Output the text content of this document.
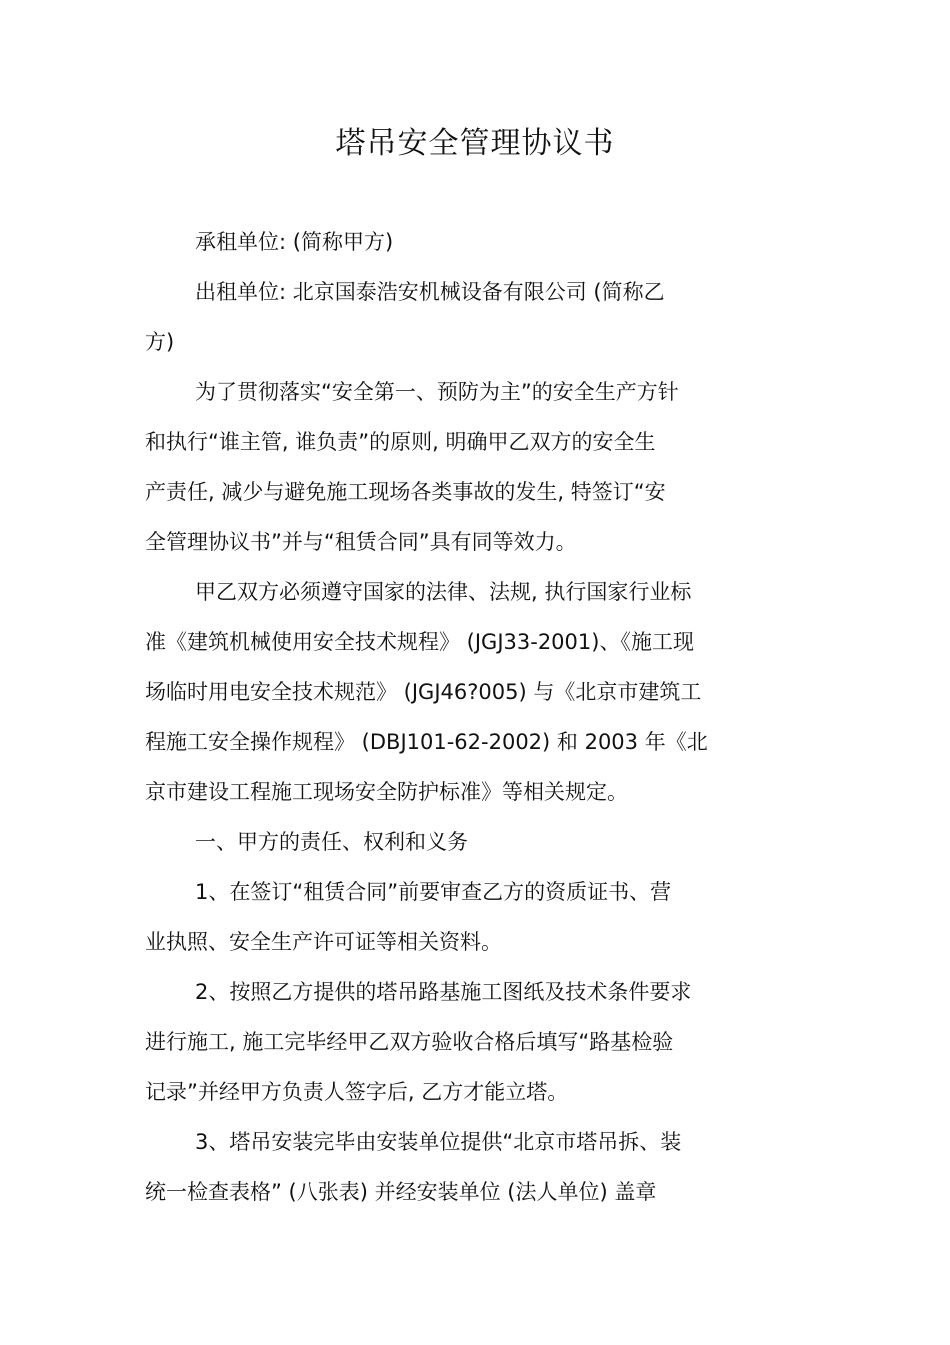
塔吊安全管理协议书
承租单位: (简称甲方)
出租单位: 北京国泰浩安机械设备有限公司 (简称乙
方)
为了贯彻落实“安全第一、预防为主”的安全生产方针
和执行“谁主管, 谁负责”的原则, 明确甲乙双方的安全生
产责任, 减少与避免施工现场各类事故的发生, 特签订“安
全管理协议书”并与“租赁合同”具有同等效力。
甲乙双方必须遵守国家的法律、法规, 执行国家行业标
准《建筑机械使用安全技术规程》 (JGJ33-2001)、《施工现
场临时用电安全技术规范》 (JGJ46?005) 与《北京市建筑工
程施工安全操作规程》 (DBJ101-62-2002) 和 2003 年《北
京市建设工程施工现场安全防护标准》等相关规定。
一、甲方的责任、权利和义务
1、在签订“租赁合同”前要审查乙方的资质证书、营
业执照、安全生产许可证等相关资料。
2、按照乙方提供的塔吊路基施工图纸及技术条件要求
进行施工, 施工完毕经甲乙双方验收合格后填写“路基检验
记录”并经甲方负责人签字后, 乙方才能立塔。
3、塔吊安装完毕由安装单位提供“北京市塔吊拆、装
统一检查表格” (八张表) 并经安装单位 (法人单位) 盖章
